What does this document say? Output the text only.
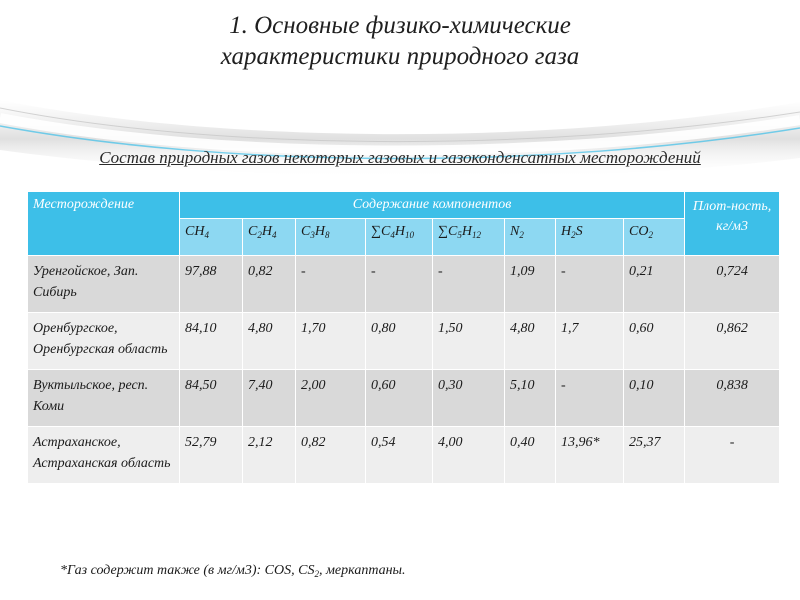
1. Основные физико-химические
характеристики природного газа
Состав природных газов некоторых газовых и газоконденсатных месторождений
Месторождение	Содержание компонентов								Плот-ность, кг/м3
	$CH_4$	$C_2H_4$	$C_3H_8$	$\sum C_4H_{10}$	$\sum C_5H_{12}$	$N_2$	$H_2S$	$CO_2$
Уренгойское, Зап. Сибирь	97,88	0,82	-	-	-	1,09	-	0,21	0,724
Оренбургское, Оренбургская область	84,10	4,80	1,70	0,80	1,50	4,80	1,7	0,60	0,862
Вуктыльское, респ. Коми	84,50	7,40	2,00	0,60	0,30	5,10	-	0,10	0,838
Астраханское, Астраханская область	52,79	2,12	0,82	0,54	4,00	0,40	13,96*	25,37	-
*Газ содержит также (в мг/м3): COS, $CS_2$, меркаптаны.
